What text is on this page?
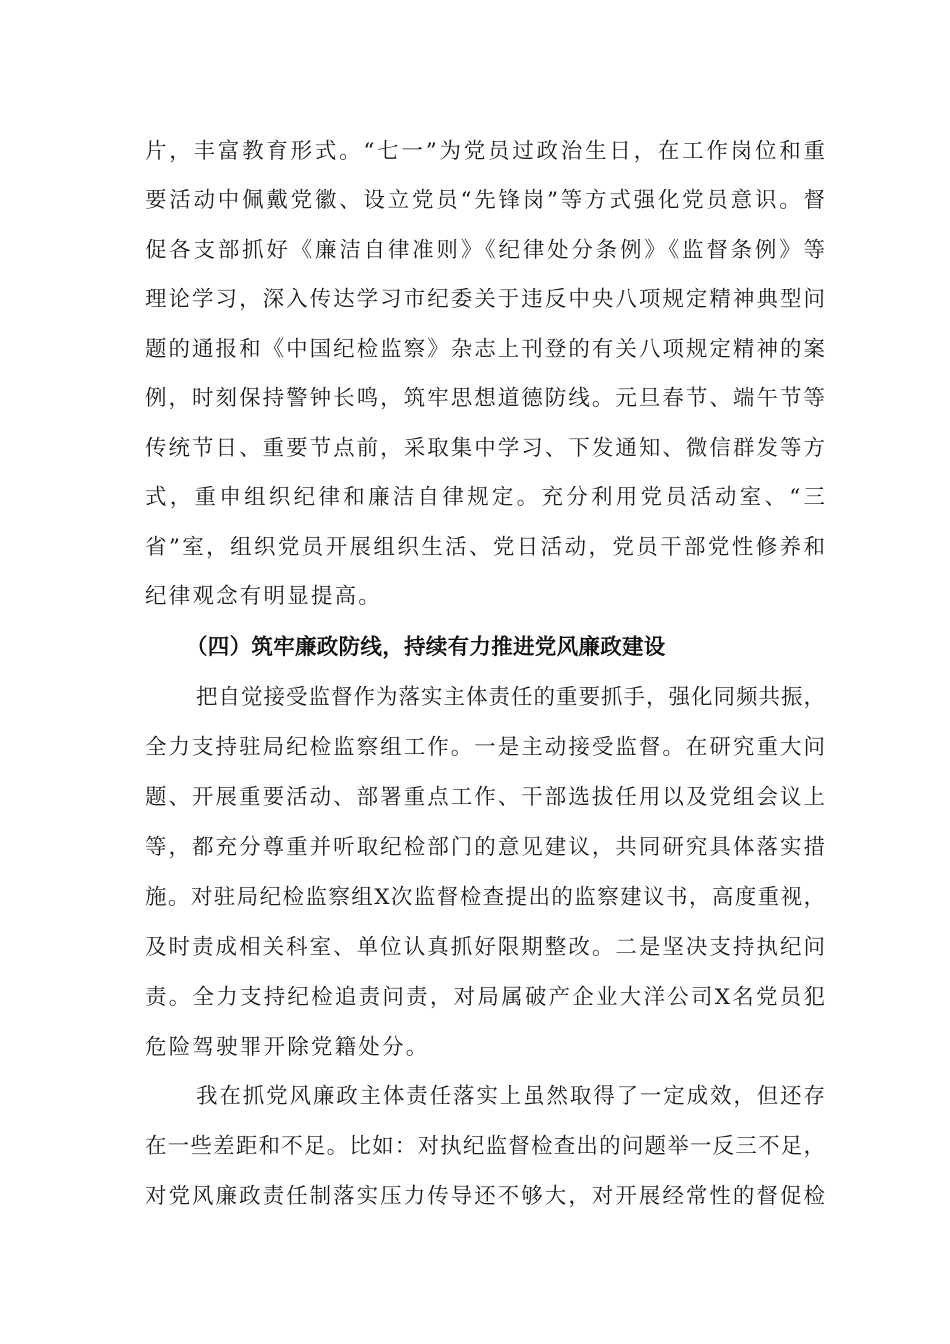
片，丰富教育形式。“七一”为党员过政治生日，在工作岗位和重
要活动中佩戴党徽、设立党员“先锋岗”等方式强化党员意识。督
促各支部抓好《廉洁自律准则》《纪律处分条例》《监督条例》等
理论学习，深入传达学习市纪委关于违反中央八项规定精神典型问
题的通报和《中国纪检监察》杂志上刊登的有关八项规定精神的案
例，时刻保持警钟长鸣，筑牢思想道德防线。元旦春节、端午节等
传统节日、重要节点前，采取集中学习、下发通知、微信群发等方
式，重申组织纪律和廉洁自律规定。充分利用党员活动室、“三
省”室，组织党员开展组织生活、党日活动，党员干部党性修养和
纪律观念有明显提高。
（四）筑牢廉政防线，持续有力推进党风廉政建设
把自觉接受监督作为落实主体责任的重要抓手，强化同频共振，
全力支持驻局纪检监察组工作。一是主动接受监督。在研究重大问
题、开展重要活动、部署重点工作、干部选拔任用以及党组会议上
等，都充分尊重并听取纪检部门的意见建议，共同研究具体落实措
施。对驻局纪检监察组X次监督检查提出的监察建议书，高度重视，
及时责成相关科室、单位认真抓好限期整改。二是坚决支持执纪问
责。全力支持纪检追责问责，对局属破产企业大洋公司X名党员犯
危险驾驶罪开除党籍处分。
我在抓党风廉政主体责任落实上虽然取得了一定成效，但还存
在一些差距和不足。比如：对执纪监督检查出的问题举一反三不足，
对党风廉政责任制落实压力传导还不够大，对开展经常性的督促检
